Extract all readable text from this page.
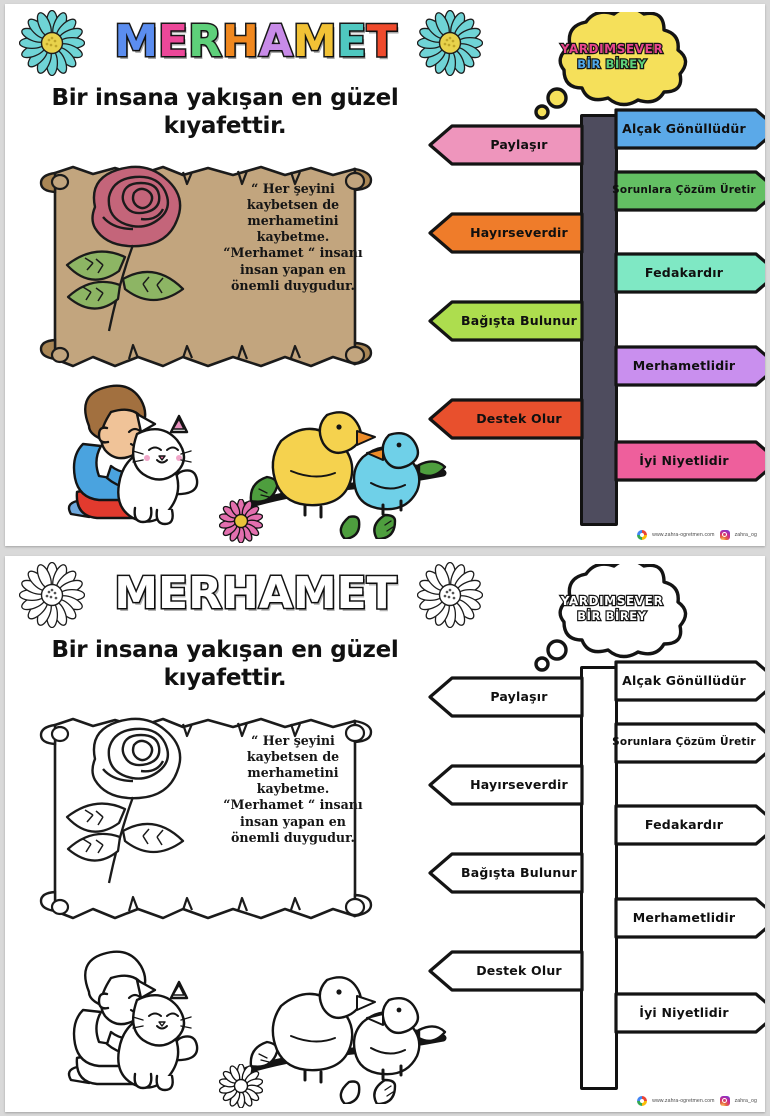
M E R H A M E T
Bir insana yakışan en güzel
kıyafettir.
“ Her şeyini
kaybetsen de
merhametini
kaybetme.
“Merhamet “ insanı
insan yapan en
önemli duygudur.
YARDIMSEVER
BİR BİREY
Paylaşır
Hayırseverdir
Bağışta Bulunur
Destek Olur
Alçak Gönüllüdür
Sorunlara Çözüm Üretir
Fedakardır
Merhametlidir
İyi Niyetlidir
www.zahra-ogretmen.com	zahra_og
M E R H A M E T
Bir insana yakışan en güzel
kıyafettir.
“ Her şeyini
kaybetsen de
merhametini
kaybetme.
“Merhamet “ insanı
insan yapan en
önemli duygudur.
YARDIMSEVER
BİR BİREY
Paylaşır
Hayırseverdir
Bağışta Bulunur
Destek Olur
Alçak Gönüllüdür
Sorunlara Çözüm Üretir
Fedakardır
Merhametlidir
İyi Niyetlidir
www.zahra-ogretmen.com	zahra_og
